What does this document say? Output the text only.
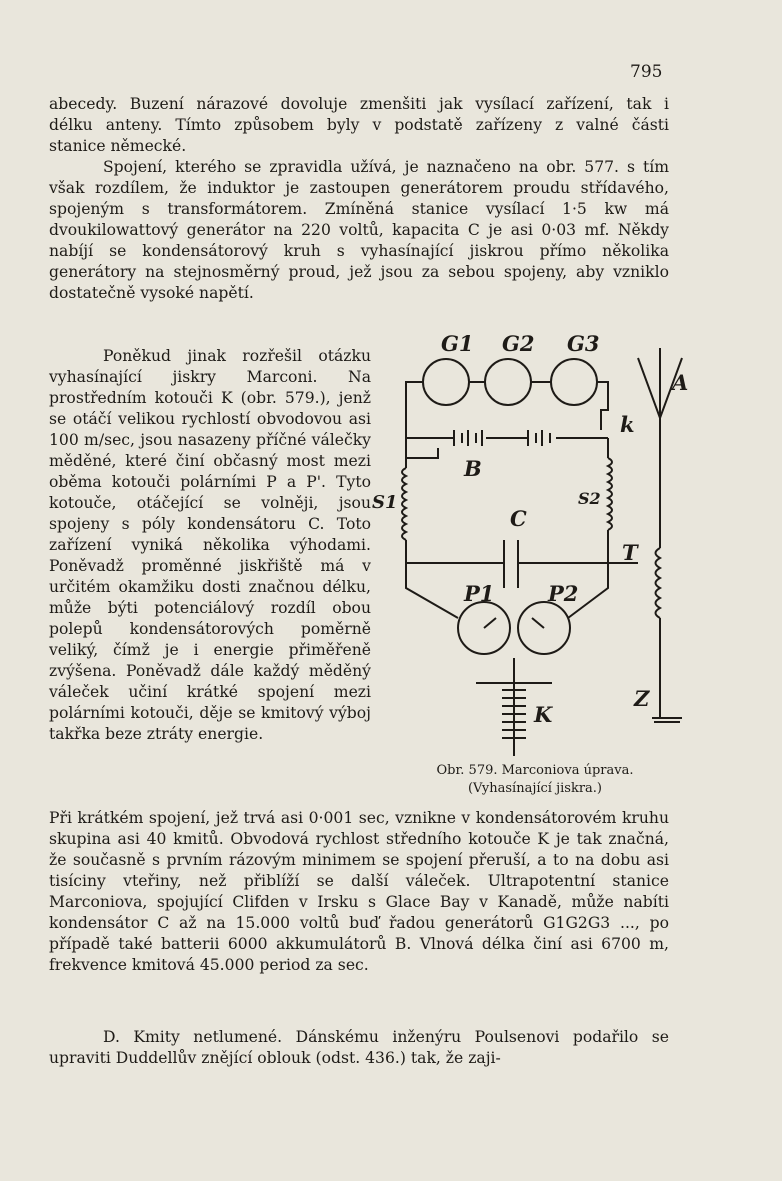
795

abecedy. Buzení nárazové dovoluje zmenšiti jak vysílací zařízení, tak i

délku anteny. Tímto způsobem byly v podstatě zařízeny z valné části

stanice německé.

Spojení, kterého se zpravidla užívá, je naznačeno na obr. 577. s tím však rozdílem, že induktor je zastoupen generátorem proudu střídavého, spojeným s transformátorem. Zmíněná stanice vysílací 1·5 kw má dvoukilowattový generátor na 220 voltů, kapacita C je asi 0·03 mf. Někdy nabíjí se kondensátorový kruh s vyhasínající jiskrou přímo několika generátory na stejnosměrný proud, jež jsou za sebou spojeny, aby vzniklo dostatečně vysoké napětí.

Poněkud jinak rozřešil otázku vyhasínající jiskry Marconi. Na prostředním kotouči K (obr. 579.), jenž se otáčí velikou rychlostí obvodovou asi 100 m/sec, jsou nasazeny příčné válečky měděné, které činí občasný most mezi oběma kotouči polárními P a P'. Tyto kotouče, otáčející se volněji, jsou spojeny s póly kondensátoru C. Toto zařízení vyniká několika výhodami. Poněvadž proměnné jiskřiště má v určitém okamžiku dosti značnou délku, může býti potenciálový rozdíl obou polepů kondensátorových poměrně veliký, čímž je i energie přiměřeně zvýšena. Poněvadž dále každý měděný váleček učiní krátké spojení mezi polárními kotouči, děje se kmitový výboj takřka beze ztráty energie.

Při krátkém spojení, jež trvá asi 0·001 sec, vznikne v kondensátorovém kruhu skupina asi 40 kmitů. Obvodová rychlost středního kotouče K je tak značná, že současně s prvním rázovým minimem se spojení přeruší, a to na dobu asi tisíciny vteřiny, než přiblíží se další váleček. Ultrapotentní stanice Marconiova, spojující Clifden v Irsku s Glace Bay v Kanadě, může nabíti kondensátor C až na 15.000 voltů buď řadou generátorů G1G2G3 ..., po případě také batterii 6000 akkumulátorů B. Vlnová délka činí asi 6700 m, frekvence kmitová 45.000 period za sec.

D. Kmity netlumené. Dánskému inženýru Poulsenovi podařilo se upraviti Duddellův znějící oblouk (odst. 436.) tak, že zaji-

G1 G2 G3
A
k
B
S1	S2
C
T
P1	P2
K
Z
Obr. 579. Marconiova úprava.
(Vyhasínající jiskra.)
